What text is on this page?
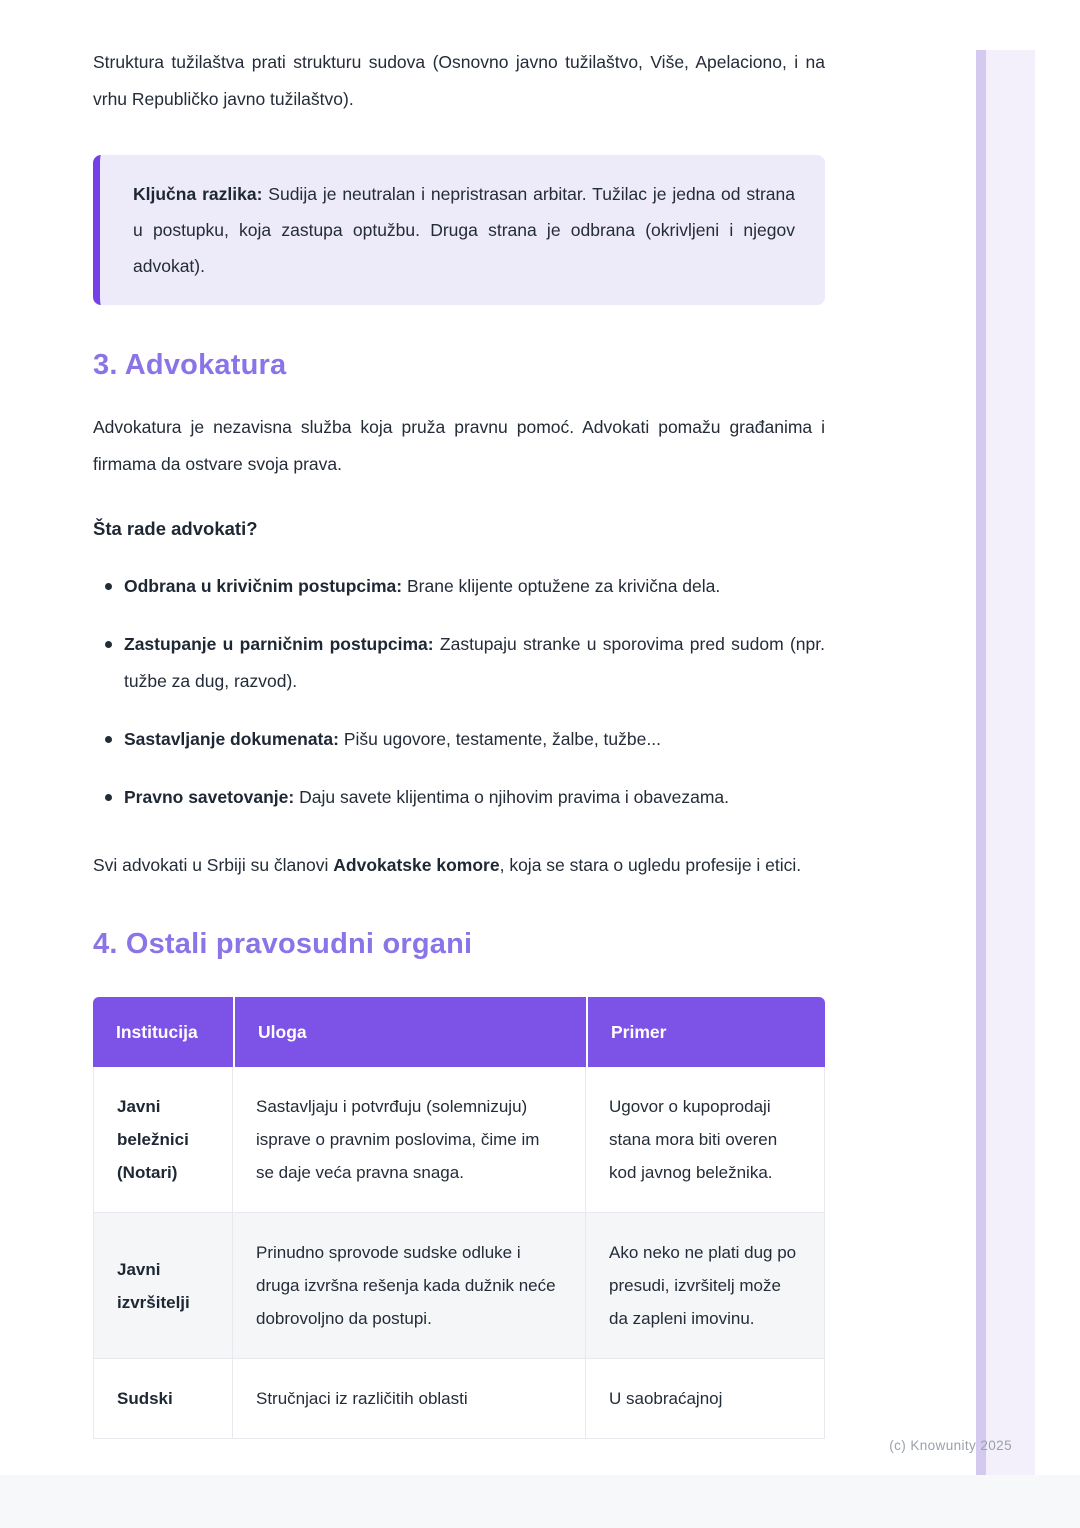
Struktura tužilaštva prati strukturu sudova (Osnovno javno tužilaštvo, Više, Apelaciono, i na vrhu Republičko javno tužilaštvo).

Ključna razlika: Sudija je neutralan i nepristrasan arbitar. Tužilac je jedna od strana u postupku, koja zastupa optužbu. Druga strana je odbrana (okrivljeni i njegov advokat).

3. Advokatura

Advokatura je nezavisna služba koja pruža pravnu pomoć. Advokati pomažu građanima i firmama da ostvare svoja prava.

Šta rade advokati?
Odbrana u krivičnim postupcima: Brane klijente optužene za krivična dela.
Zastupanje u parničnim postupcima: Zastupaju stranke u sporovima pred sudom (npr. tužbe za dug, razvod).
Sastavljanje dokumenata: Pišu ugovore, testamente, žalbe, tužbe...
Pravno savetovanje: Daju savete klijentima o njihovim pravima i obavezama.

Svi advokati u Srbiji su članovi Advokatske komore, koja se stara o ugledu profesije i etici.

4. Ostali pravosudni organi
Institucija	Uloga	Primer
Javni beležnici (Notari)	Sastavljaju i potvrđuju (solemnizuju) isprave o pravnim poslovima, čime im se daje veća pravna snaga.	Ugovor o kupoprodaji stana mora biti overen kod javnog beležnika.
Javni izvršitelji	Prinudno sprovode sudske odluke i druga izvršna rešenja kada dužnik neće dobrovoljno da postupi.	Ako neko ne plati dug po presudi, izvršitelj može da zapleni imovinu.
Sudski	Stručnjaci iz različitih oblasti	U saobraćajnoj
(c) Knowunity 2025
